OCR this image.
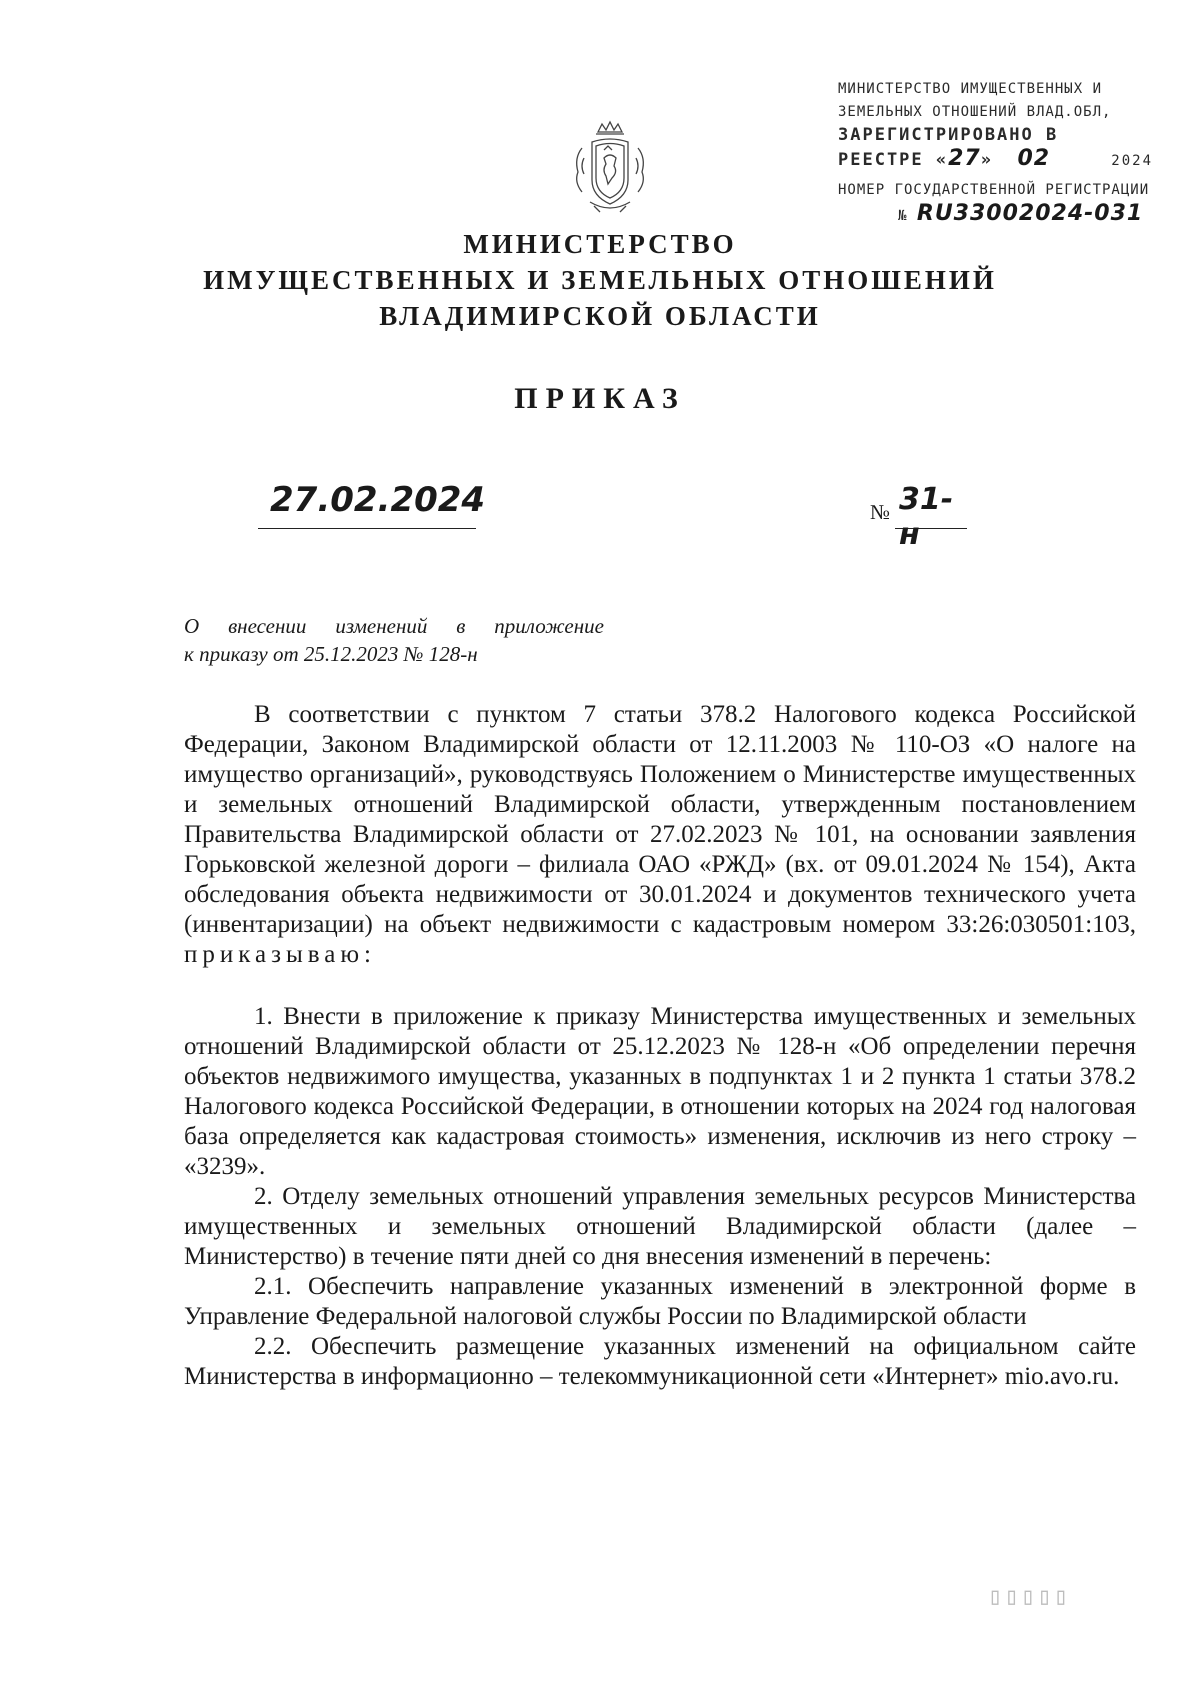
МИНИСТЕРСТВО ИМУЩЕСТВЕННЫХ И
ЗЕМЕЛЬНЫХ ОТНОШЕНИЙ ВЛАД.ОБЛ,
ЗАРЕГИСТРИРОВАНО В
РЕЕСТРЕ «27» 02	2024
НОМЕР ГОСУДАРСТВЕННОЙ РЕГИСТРАЦИИ
№ RU33002024-031
МИНИСТЕРСТВО
ИМУЩЕСТВЕННЫХ И ЗЕМЕЛЬНЫХ ОТНОШЕНИЙ
ВЛАДИМИРСКОЙ ОБЛАСТИ
ПРИКАЗ
27.02.2024	№ 31-н
О внесении изменений в приложение
к приказу от 25.12.2023 № 128-н

В соответствии с пунктом 7 статьи 378.2 Налогового кодекса Российской Федерации, Законом Владимирской области от 12.11.2003 № 110-ОЗ «О налоге на имущество организаций», руководствуясь Положением о Министерстве имущественных и земельных отношений Владимирской области, утвержденным постановлением Правительства Владимирской области от 27.02.2023 № 101, на основании заявления Горьковской железной дороги – филиала ОАО «РЖД» (вх. от 09.01.2024 № 154), Акта обследования объекта недвижимости от 30.01.2024 и документов технического учета (инвентаризации) на объект недвижимости с кадастровым номером 33:26:030501:103, приказываю:

1. Внести в приложение к приказу Министерства имущественных и земельных отношений Владимирской области от 25.12.2023 № 128-н «Об определении перечня объектов недвижимого имущества, указанных в подпунктах 1 и 2 пункта 1 статьи 378.2 Налогового кодекса Российской Федерации, в отношении которых на 2024 год налоговая база определяется как кадастровая стоимость» изменения, исключив из него строку – «3239».

2. Отделу земельных отношений управления земельных ресурсов Министерства имущественных и земельных отношений Владимирской области (далее – Министерство) в течение пяти дней со дня внесения изменений в перечень:

2.1. Обеспечить направление указанных изменений в электронной форме в Управление Федеральной налоговой службы России по Владимирской области

2.2. Обеспечить размещение указанных изменений на официальном сайте Министерства в информационно – телекоммуникационной сети «Интернет» mio.avo.ru.

▯▯▯▯▯
